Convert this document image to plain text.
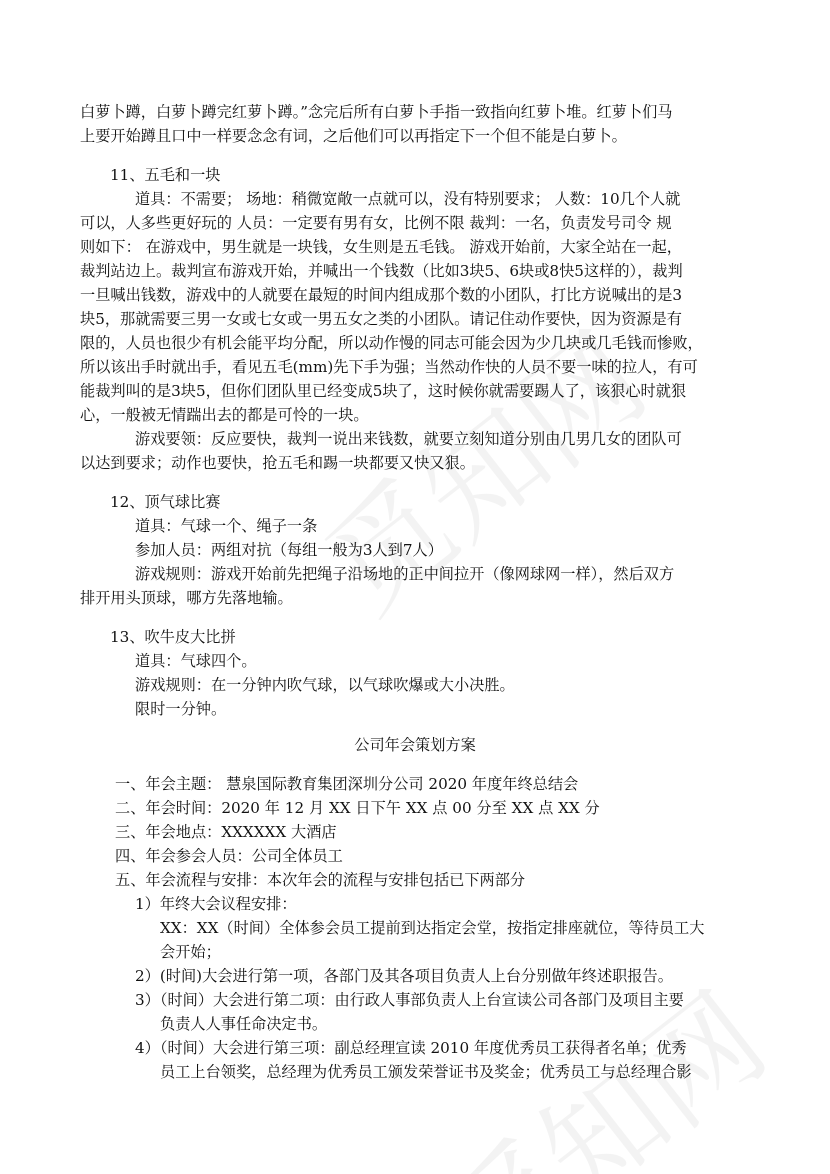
白萝卜蹲，白萝卜蹲完红萝卜蹲。”念完后所有白萝卜手指一致指向红萝卜堆。红萝卜们马
上要开始蹲且口中一样要念念有词，之后他们可以再指定下一个但不能是白萝卜。
11、五毛和一块
道具：不需要； 场地：稍微宽敞一点就可以，没有特别要求； 人数：10几个人就
可以，人多些更好玩的 人员：一定要有男有女，比例不限 裁判：一名，负责发号司令 规
则如下： 在游戏中，男生就是一块钱，女生则是五毛钱。 游戏开始前，大家全站在一起，
裁判站边上。裁判宣布游戏开始，并喊出一个钱数（比如3块5、6块或8快5这样的），裁判
一旦喊出钱数，游戏中的人就要在最短的时间内组成那个数的小团队，打比方说喊出的是3
块5，那就需要三男一女或七女或一男五女之类的小团队。请记住动作要快，因为资源是有
限的，人员也很少有机会能平均分配，所以动作慢的同志可能会因为少几块或几毛钱而惨败，
所以该出手时就出手，看见五毛(mm)先下手为强；当然动作快的人员不要一味的拉人，有可
能裁判叫的是3块5，但你们团队里已经变成5块了，这时候你就需要踢人了，该狠心时就狠
心，一般被无情踹出去的都是可怜的一块。
游戏要领：反应要快，裁判一说出来钱数，就要立刻知道分别由几男几女的团队可
以达到要求；动作也要快，抢五毛和踢一块都要又快又狠。
12、顶气球比赛
道具：气球一个、绳子一条
参加人员：两组对抗（每组一般为3人到7人）
游戏规则：游戏开始前先把绳子沿场地的正中间拉开（像网球网一样），然后双方
排开用头顶球，哪方先落地输。
13、吹牛皮大比拼
道具：气球四个。
游戏规则：在一分钟内吹气球，以气球吹爆或大小决胜。
限时一分钟。
公司年会策划方案
一、年会主题： 慧泉国际教育集团深圳分公司 2020 年度年终总结会
二、年会时间：2020 年 12 月 XX 日下午 XX 点 00 分至 XX 点 XX 分
三、年会地点：XXXXXX 大酒店
四、年会参会人员：公司全体员工
五、年会流程与安排：本次年会的流程与安排包括已下两部分
1）年终大会议程安排：
XX：XX（时间）全体参会员工提前到达指定会堂，按指定排座就位，等待员工大
会开始；
2）(时间)大会进行第一项，各部门及其各项目负责人上台分别做年终述职报告。
3）（时间）大会进行第二项：由行政人事部负责人上台宣读公司各部门及项目主要
负责人人事任命决定书。
4）（时间）大会进行第三项：副总经理宣读 2010 年度优秀员工获得者名单；优秀
员工上台领奖，总经理为优秀员工颁发荣誉证书及奖金；优秀员工与总经理合影
